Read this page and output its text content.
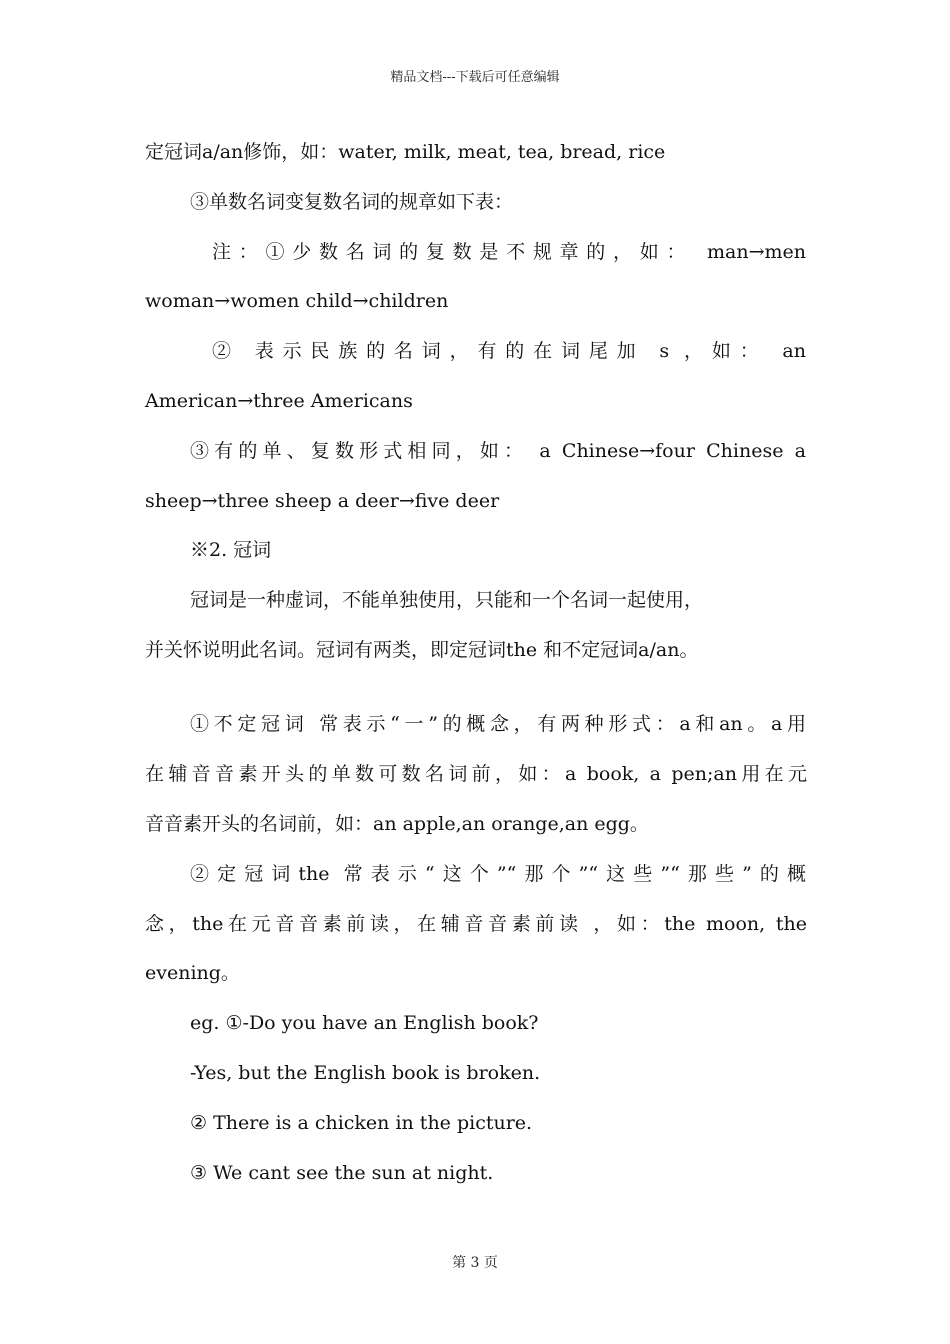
精品文档---下载后可任意编辑
定冠词a/an修饰，如：water, milk, meat, tea, bread, rice
③单数名词变复数名词的规章如下表：
注：①少数名词的复数是不规章的，如： man→men
woman→women child→children
② 表示民族的名词，有的在词尾加 s ，如： an
American→three Americans
③有的单、复数形式相同，如： a Chinese→four Chinese a
sheep→three sheep a deer→five deer
※2. 冠词
冠词是一种虚词，不能单独使用，只能和一个名词一起使用，
并关怀说明此名词。冠词有两类，即定冠词the 和不定冠词a/an。
①不定冠词 常表示“一”的概念，有两种形式：a和an。a用
在辅音音素开头的单数可数名词前，如：a book, a pen;an用在元
音音素开头的名词前，如：an apple,an orange,an egg。
②定冠词the 常表示“这个”“那个”“这些”“那些”的概
念，the在元音音素前读，在辅音音素前读 ，如：the moon, the
evening。
eg. ①-Do you have an English book?
-Yes, but the English book is broken.
② There is a chicken in the picture.
③ We cant see the sun at night.
第 3 页
